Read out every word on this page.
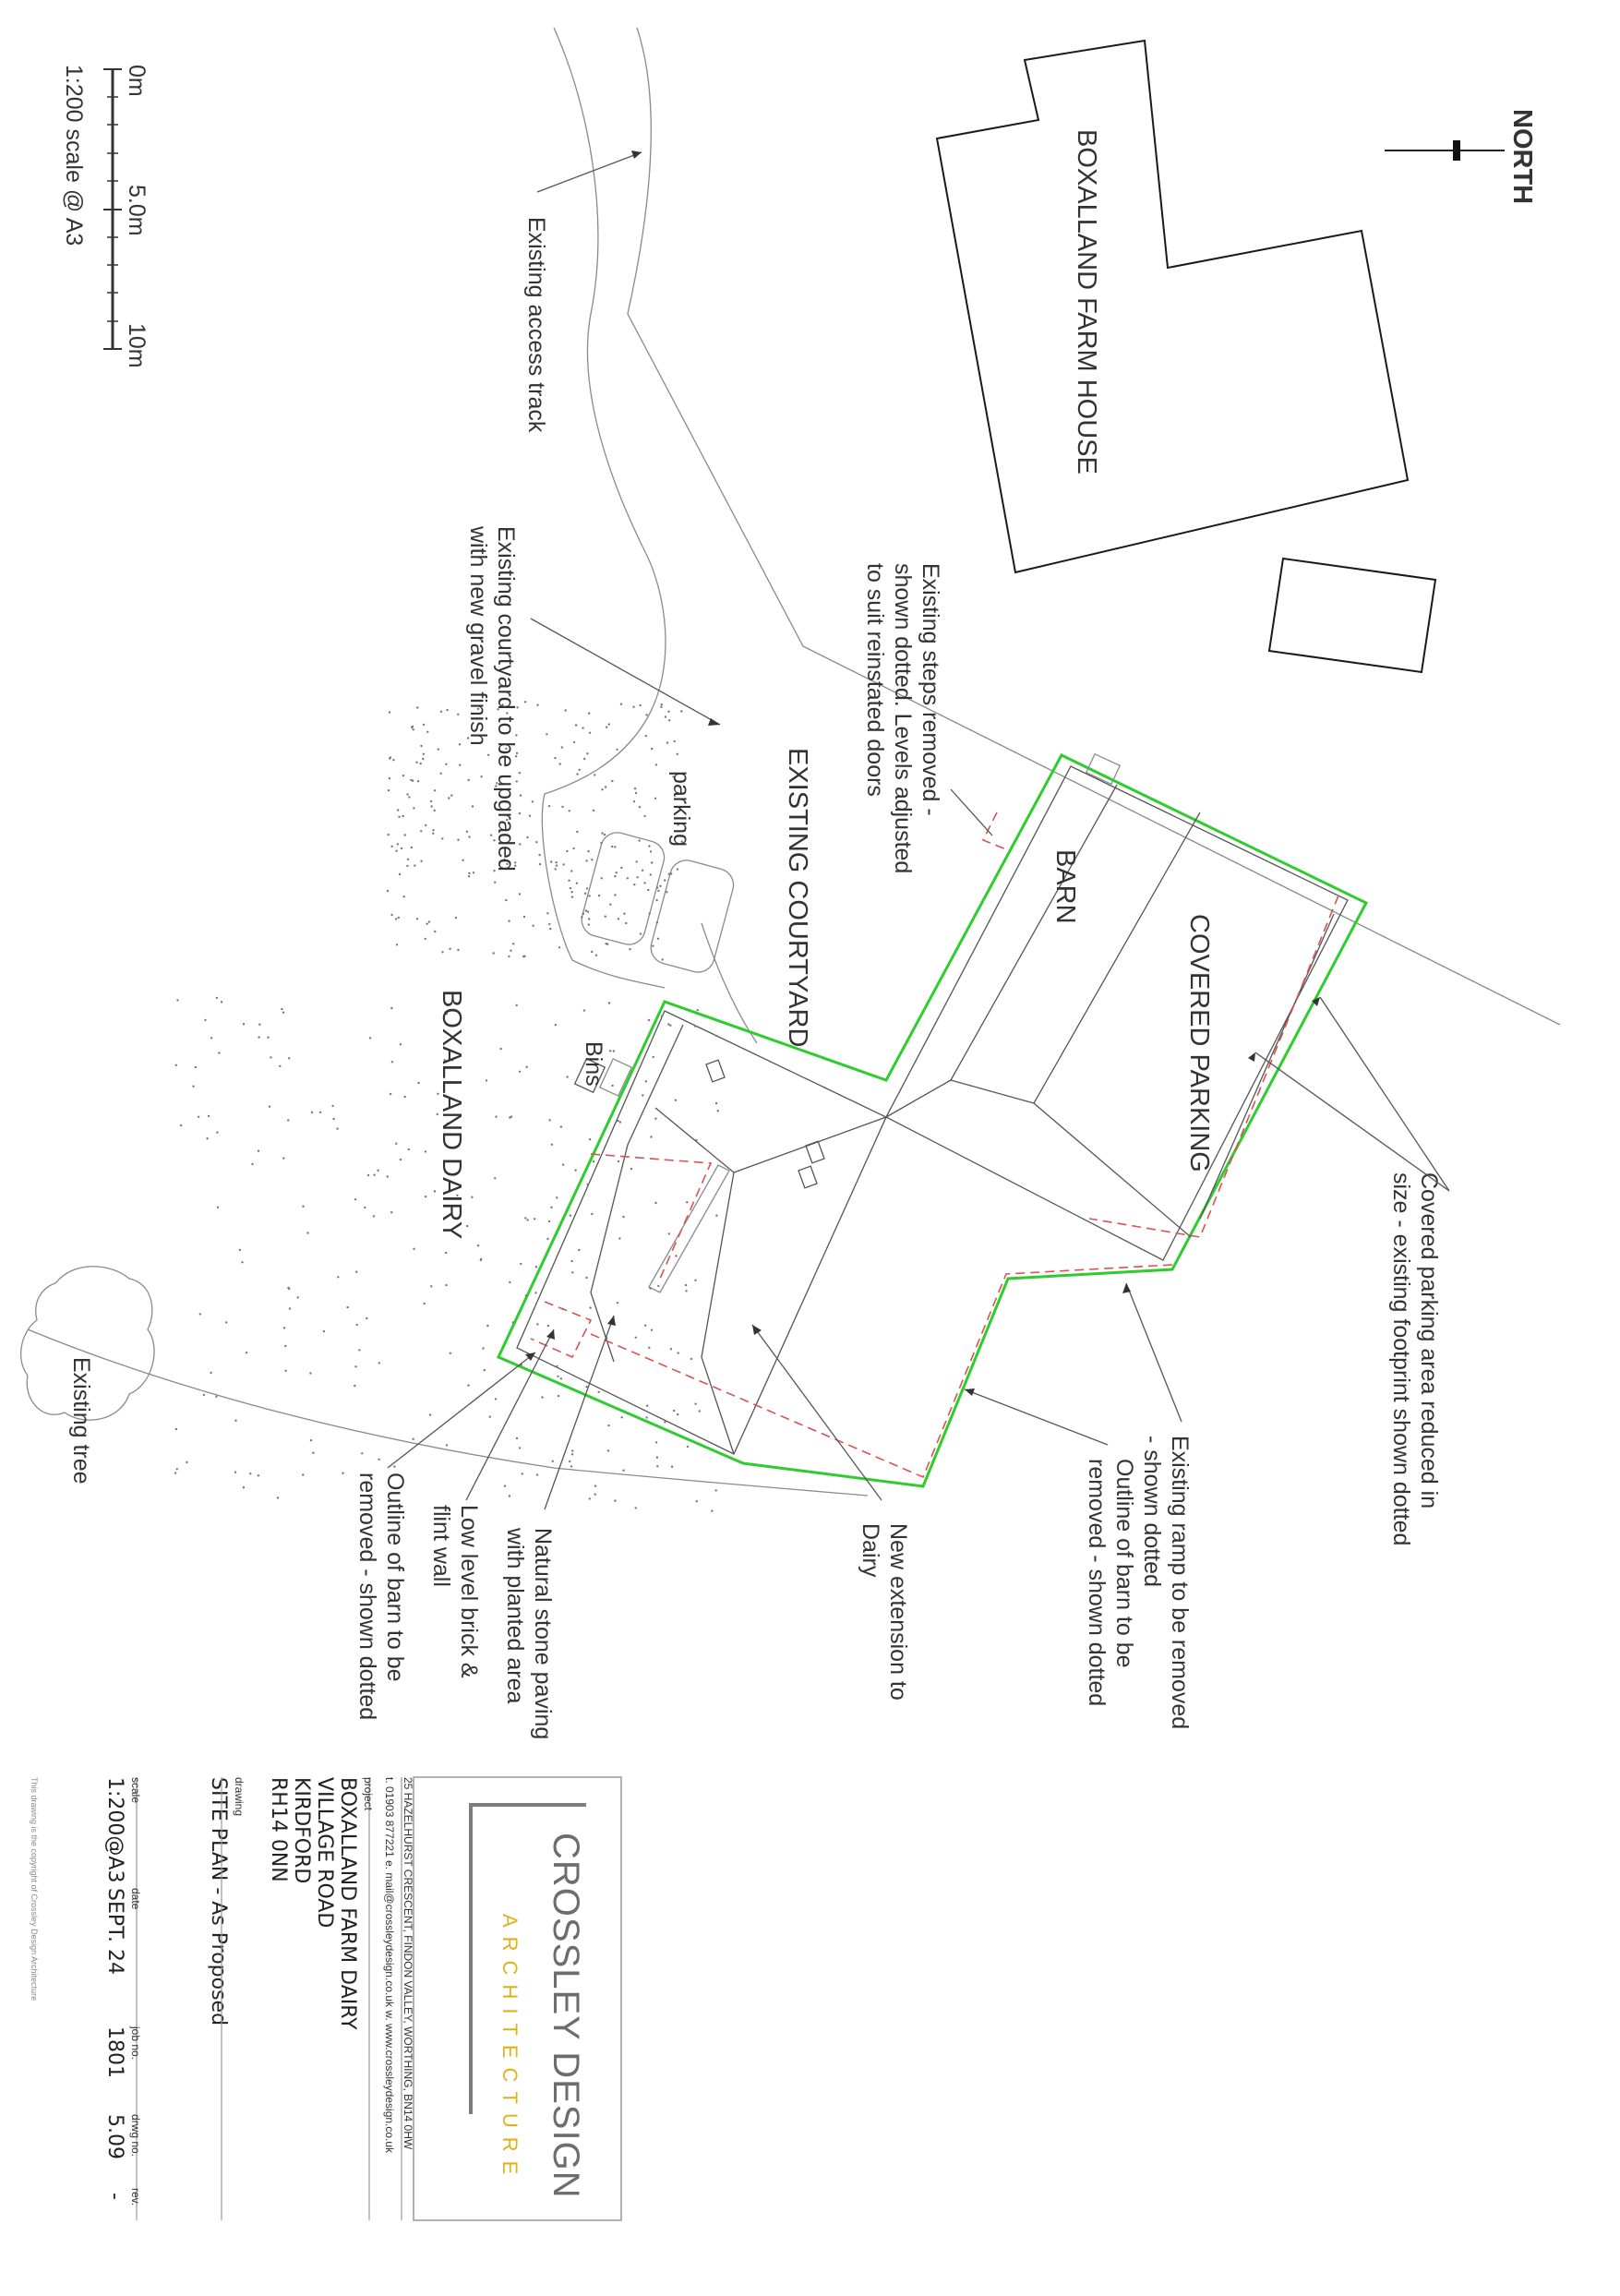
NORTH
0m
5.0m
10m
1:200 scale @ A3	BOXALLAND FARM HOUSE
Existing tree
Bins
BARN
COVERED PARKING
BOXALLAND DAIRY
EXISTING COURTYARD
parking
Existing access track
Existing courtyard to be upgraded
with new gravel finish	Existing steps removed -
shown dotted. Levels adjusted
to suit reinstated doors
Covered parking area reduced in
size - existing footprint shown dotted
Existing ramp to be removed
- shown dotted
Outline of barn to be
removed - shown dotted
New extension to
Dairy
Natural stone paving
with planted area
Low level brick &
flint wall
Outline of barn to be
removed - shown dotted
CROSSLEY DESIGN
ARCHITECTURE
25 HAZELHURST CRESCENT, FINDON VALLEY, WORTHING, BN14 0HW
t. 01903 877221 e. mail@crossleydesign.co.uk w. www.crossleydesign.co.uk
project
BOXALLAND FARM DAIRY
VILLAGE ROAD
KIRDFORD
RH14 0NN
drawing
SITE PLAN - As Proposed
scale
date
job no.
drwg no.
rev.
1:200@A3
SEPT. 24
1801
5.09
-
This drawing is the copyright of Crossley Design Architecture
